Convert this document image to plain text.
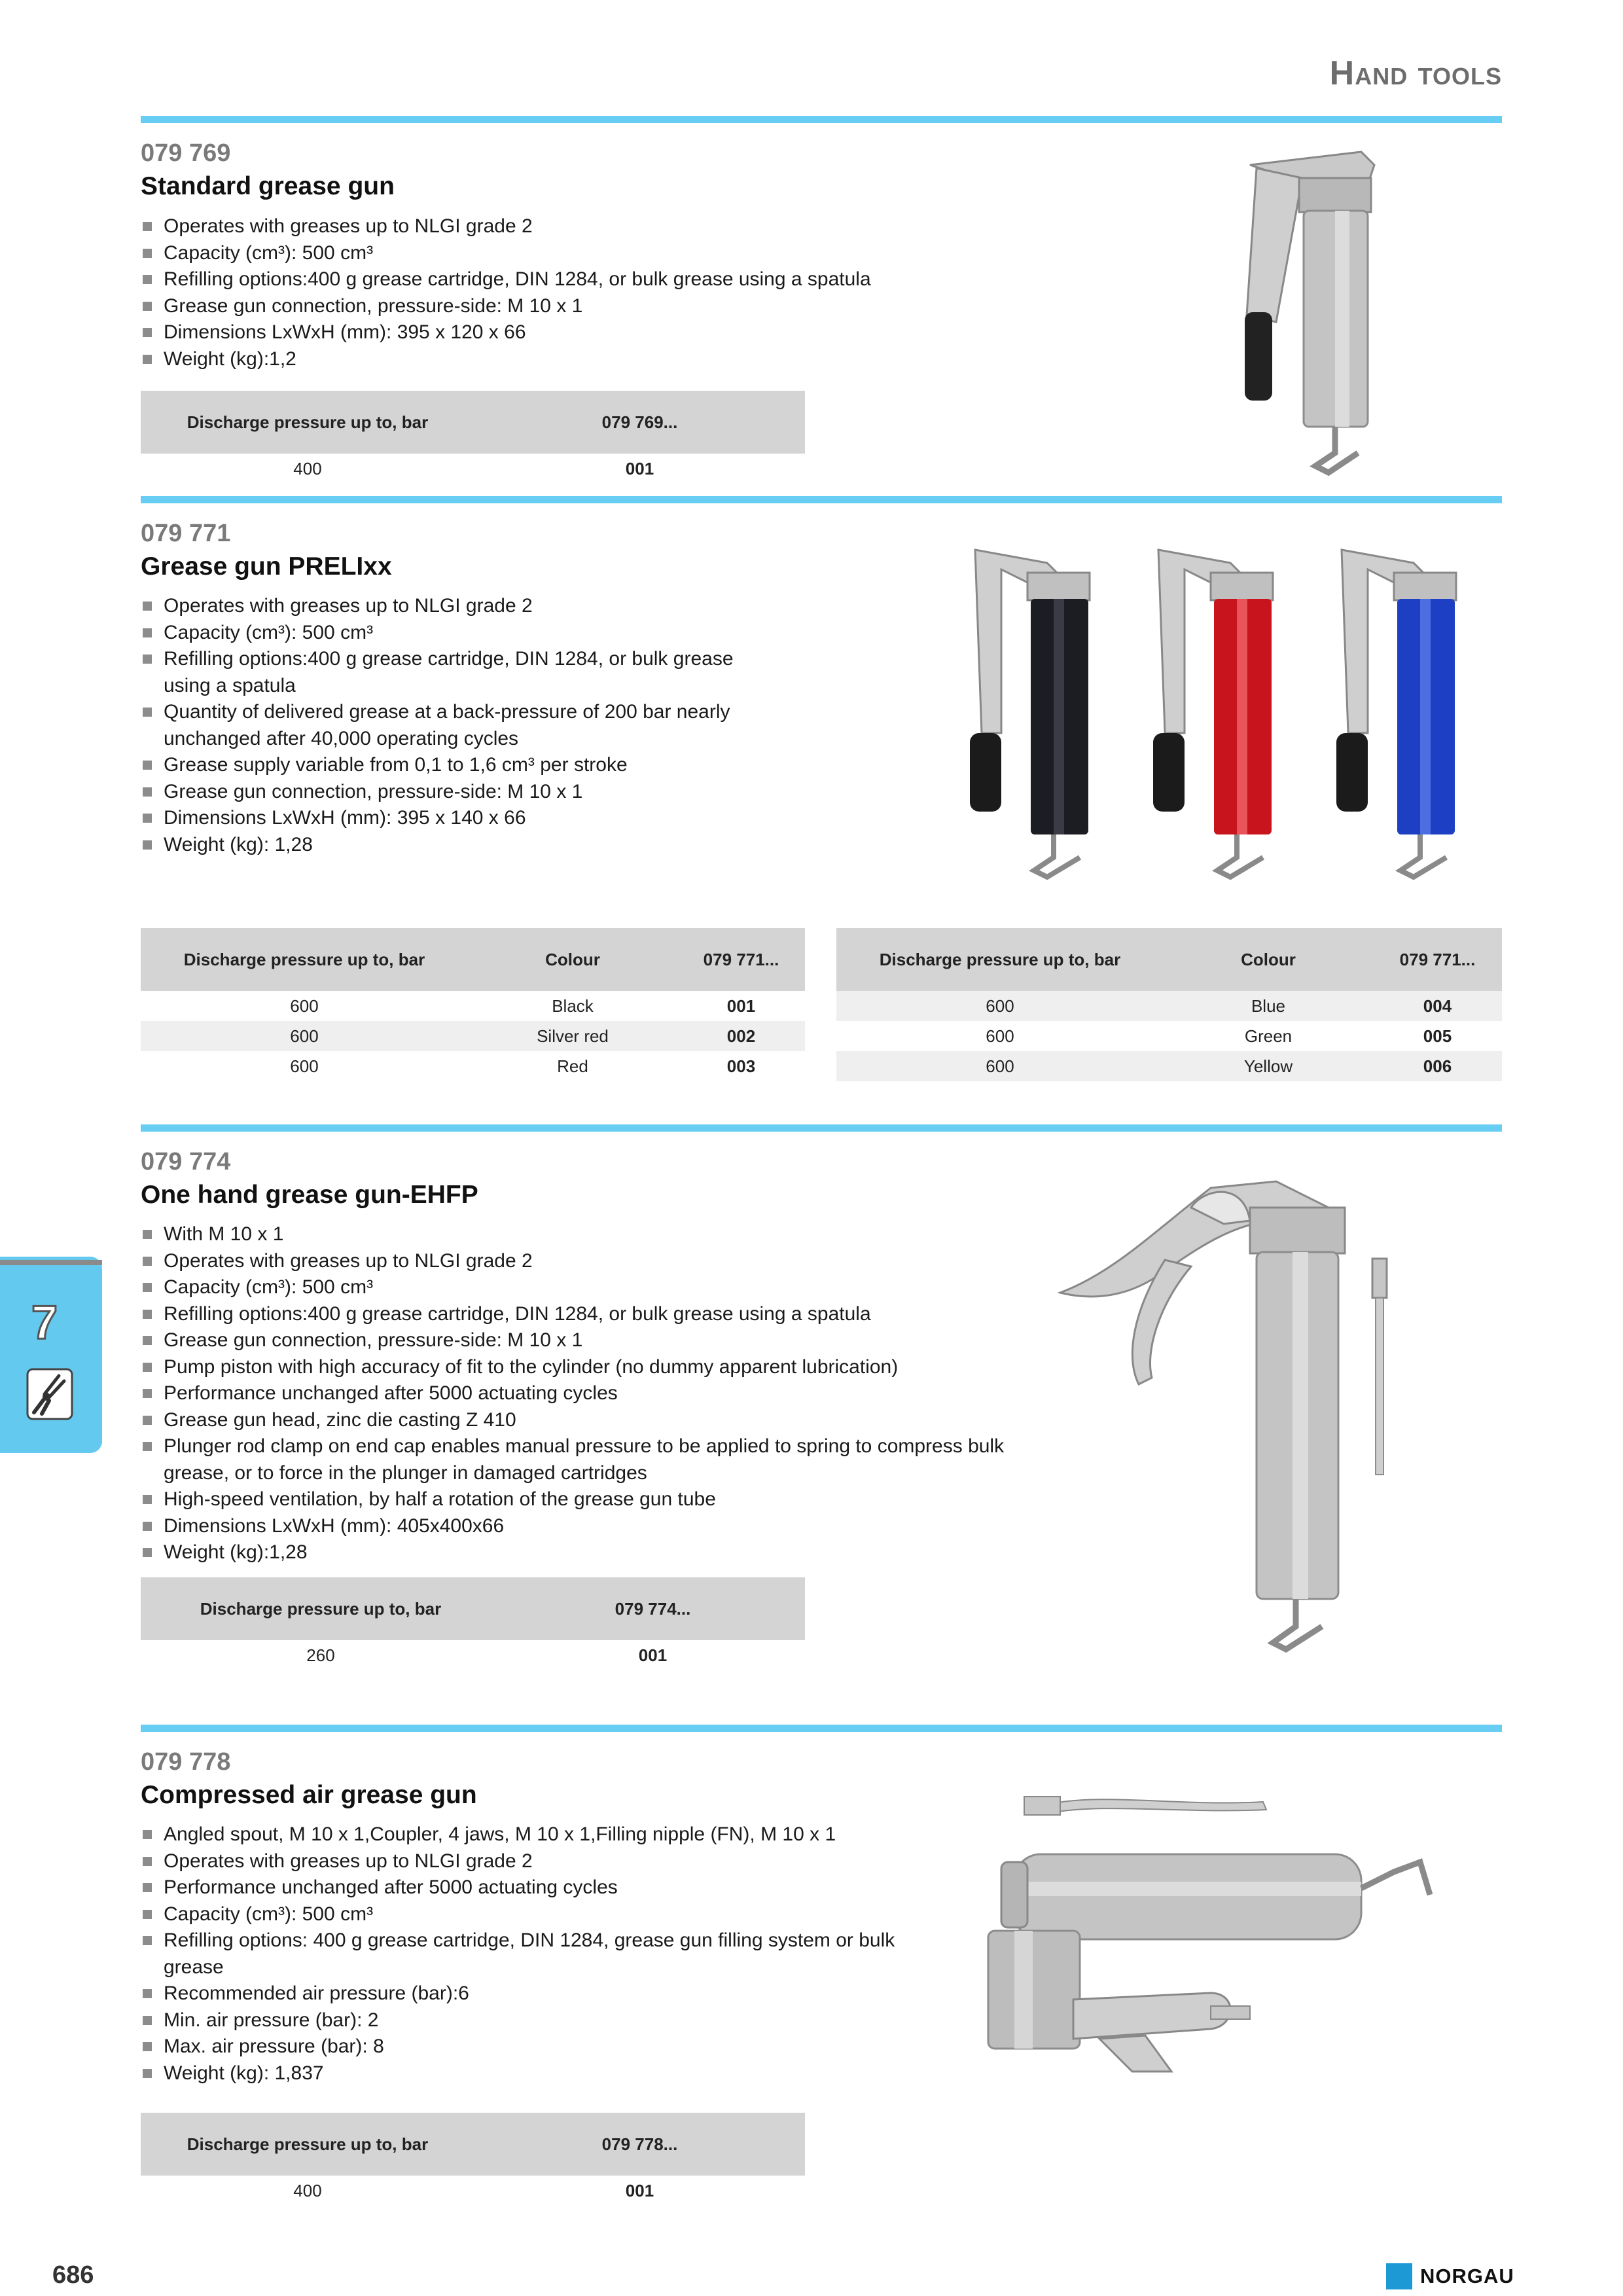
Hand tools
079 769
Standard grease gun
Operates with greases up to NLGI grade 2
Capacity (cm³): 500 cm³
Refilling options:400 g grease cartridge, DIN 1284, or bulk grease using a spatula
Grease gun connection, pressure-side: M 10 x 1
Dimensions LxWxH (mm): 395 x 120 x 66
Weight (kg):1,2
Discharge pressure up to, bar	079 769...
400	001
079 771
Grease gun PRELIxx
Operates with greases up to NLGI grade 2
Capacity (cm³): 500 cm³
Refilling options:400 g grease cartridge, DIN 1284, or bulk grease using a spatula
Quantity of delivered grease at a back-pressure of 200 bar nearly unchanged after 40,000 operating cycles
Grease supply variable from 0,1 to 1,6 cm³ per stroke
Grease gun connection, pressure-side: M 10 x 1
Dimensions LxWxH (mm): 395 x 140 x 66
Weight (kg): 1,28
Discharge pressure up to, bar	Colour	079 771...
600	Black	001
600	Silver red	002
600	Red	003
Discharge pressure up to, bar	Colour	079 771...
600	Blue	004
600	Green	005
600	Yellow	006
079 774
One hand grease gun-EHFP
With M 10 x 1
Operates with greases up to NLGI grade 2
Capacity (cm³): 500 cm³
Refilling options:400 g grease cartridge, DIN 1284, or bulk grease using a spatula
Grease gun connection, pressure-side: M 10 x 1
Pump piston with high accuracy of fit to the cylinder (no dummy apparent lubrication)
Performance unchanged after 5000 actuating cycles
Grease gun head, zinc die casting Z 410
Plunger rod clamp on end cap enables manual pressure to be applied to spring to compress bulk grease, or to force in the plunger in damaged cartridges
High-speed ventilation, by half a rotation of the grease gun tube
Dimensions LxWxH (mm): 405x400x66
Weight (kg):1,28
Discharge pressure up to, bar	079 774...
260	001
079 778
Compressed air grease gun
Angled spout, M 10 x 1,Coupler, 4 jaws, M 10 x 1,Filling nipple (FN), M 10 x 1
Operates with greases up to NLGI grade 2
Performance unchanged after 5000 actuating cycles
Capacity (cm³): 500 cm³
Refilling options: 400 g grease cartridge, DIN 1284, grease gun filling system or bulk grease
Recommended air pressure (bar):6
Min. air pressure (bar): 2
Max. air pressure (bar): 8
Weight (kg): 1,837
Discharge pressure up to, bar	079 778...
400	001
7
686	NORGAU
